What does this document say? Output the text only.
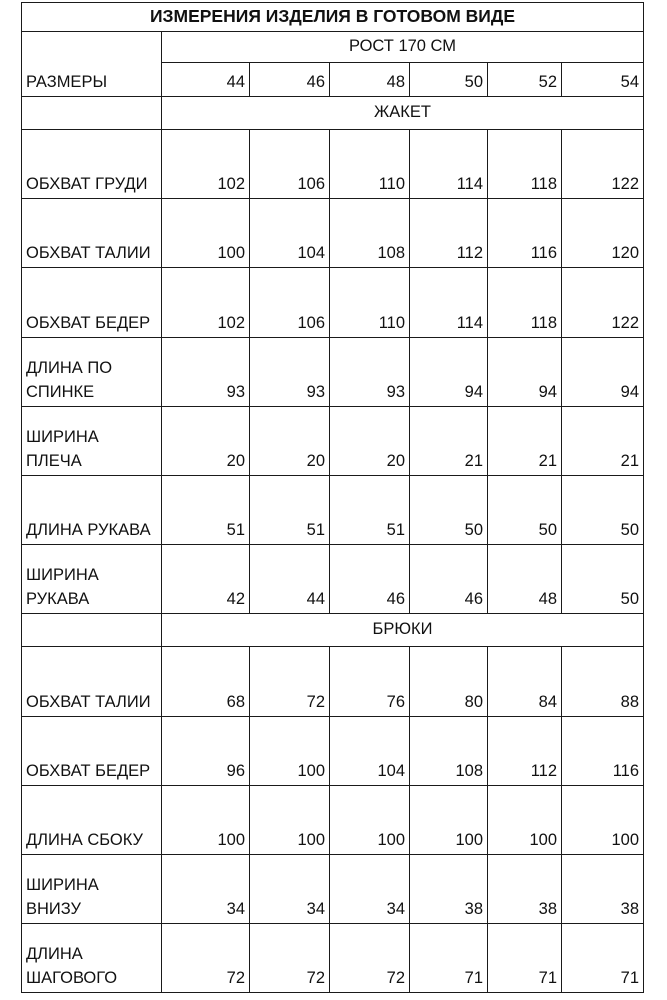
ИЗМЕРЕНИЯ ИЗДЕЛИЯ В ГОТОВОМ ВИДЕ						
РАЗМЕРЫ	РОСТ 170 СМ					
	44	46	48	50	52	54
	ЖАКЕТ					
ОБХВАТ ГРУДИ	102	106	110	114	118	122
ОБХВАТ ТАЛИИ	100	104	108	112	116	120
ОБХВАТ БЕДЕР	102	106	110	114	118	122
ДЛИНА ПО СПИНКЕ	93	93	93	94	94	94
ШИРИНА ПЛЕЧА	20	20	20	21	21	21
ДЛИНА РУКАВА	51	51	51	50	50	50
ШИРИНА РУКАВА	42	44	46	46	48	50
	БРЮКИ					
ОБХВАТ ТАЛИИ	68	72	76	80	84	88
ОБХВАТ БЕДЕР	96	100	104	108	112	116
ДЛИНА СБОКУ	100	100	100	100	100	100
ШИРИНА ВНИЗУ	34	34	34	38	38	38
ДЛИНА ШАГОВОГО	72	72	72	71	71	71
